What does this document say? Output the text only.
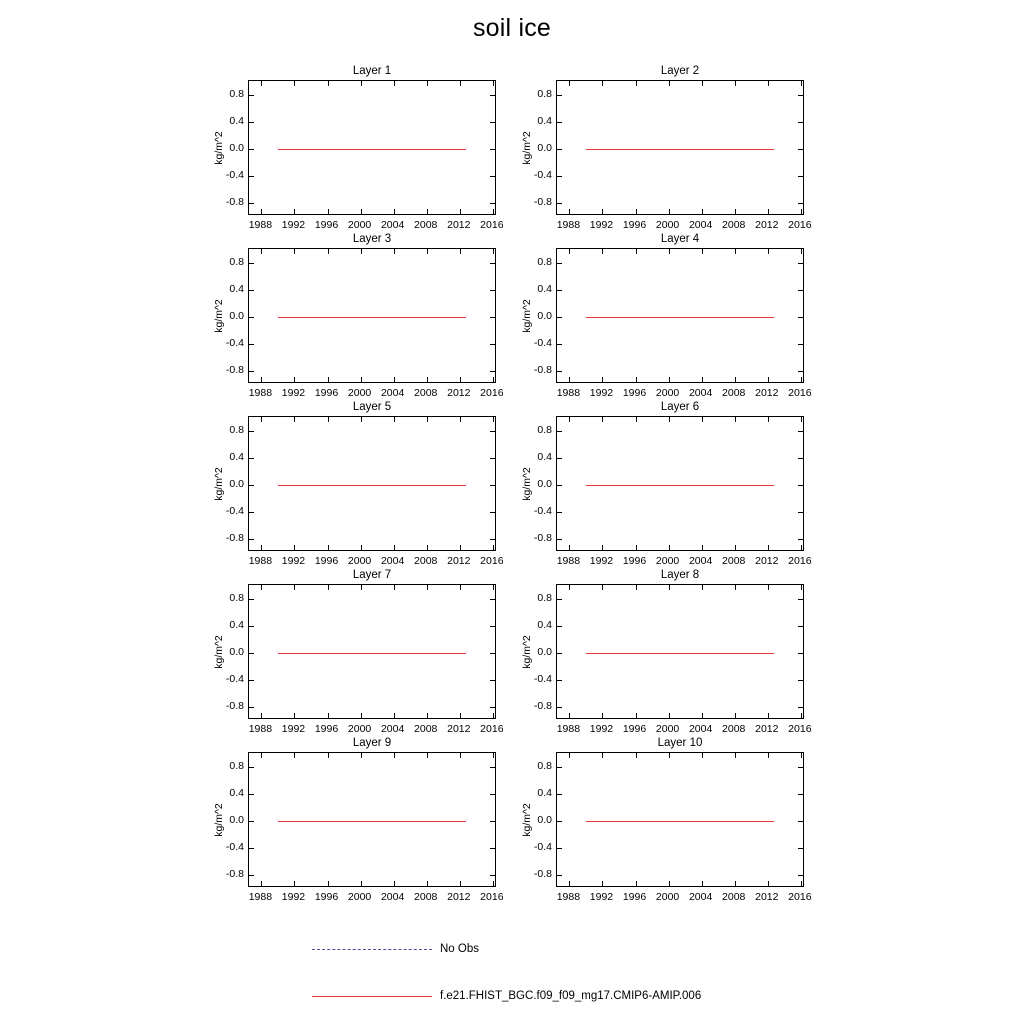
soil ice
Layer 1
kg/m^2
0.8
0.4
0.0
-0.4
-0.8
1988 1992 1996 2000 2004 2008 2012 2016
Layer 2
kg/m^2
0.8
0.4
0.0
-0.4
-0.8
1988 1992 1996 2000 2004 2008 2012 2016
Layer 3
kg/m^2
0.8
0.4
0.0
-0.4
-0.8
1988 1992 1996 2000 2004 2008 2012 2016
Layer 4
kg/m^2
0.8
0.4
0.0
-0.4
-0.8
1988 1992 1996 2000 2004 2008 2012 2016
Layer 5
kg/m^2
0.8
0.4
0.0
-0.4
-0.8
1988 1992 1996 2000 2004 2008 2012 2016
Layer 6
kg/m^2
0.8
0.4
0.0
-0.4
-0.8
1988 1992 1996 2000 2004 2008 2012 2016
Layer 7
kg/m^2
0.8
0.4
0.0
-0.4
-0.8
1988 1992 1996 2000 2004 2008 2012 2016
Layer 8
kg/m^2
0.8
0.4
0.0
-0.4
-0.8
1988 1992 1996 2000 2004 2008 2012 2016
Layer 9
kg/m^2
0.8
0.4
0.0
-0.4
-0.8
1988 1992 1996 2000 2004 2008 2012 2016
Layer 10
kg/m^2
0.8
0.4
0.0
-0.4
-0.8
1988 1992 1996 2000 2004 2008 2012 2016
No Obs
f.e21.FHIST_BGC.f09_f09_mg17.CMIP6-AMIP.006
